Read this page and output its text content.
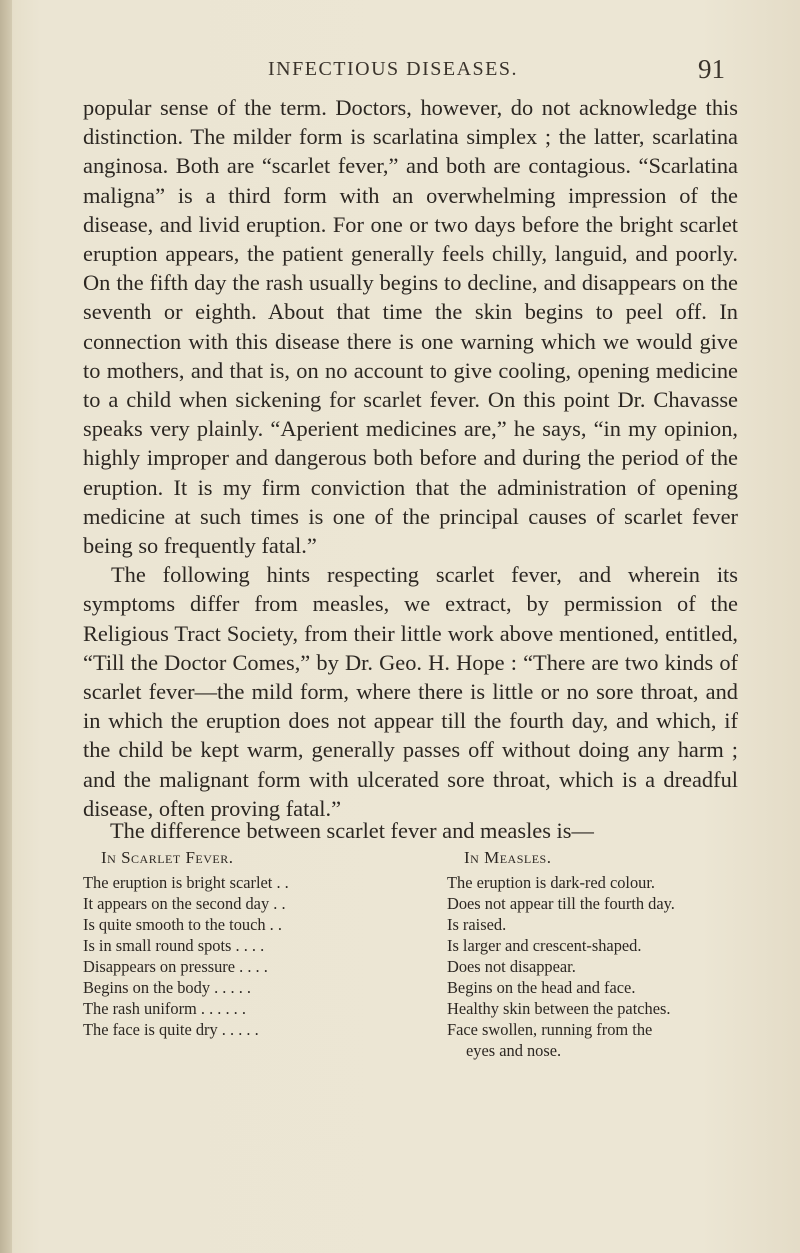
INFECTIOUS DISEASES.	91

popular sense of the term. Doctors, however, do not acknowledge this distinction. The milder form is scarlatina simplex ; the latter, scarlatina anginosa. Both are “scarlet fever,” and both are contagious. “Scarlatina maligna” is a third form with an overwhelming impression of the disease, and livid eruption. For one or two days before the bright scarlet eruption appears, the patient generally feels chilly, languid, and poorly. On the fifth day the rash usually begins to decline, and disappears on the seventh or eighth. About that time the skin begins to peel off. In connection with this disease there is one warning which we would give to mothers, and that is, on no account to give cooling, opening medicine to a child when sickening for scarlet fever. On this point Dr. Chavasse speaks very plainly. “Aperient medicines are,” he says, “in my opinion, highly improper and dangerous both before and during the period of the eruption. It is my firm conviction that the administration of opening medicine at such times is one of the principal causes of scarlet fever being so frequently fatal.”

The following hints respecting scarlet fever, and wherein its symptoms differ from measles, we extract, by permission of the Religious Tract Society, from their little work above mentioned, entitled, “Till the Doctor Comes,” by Dr. Geo. H. Hope : “There are two kinds of scarlet fever—the mild form, where there is little or no sore throat, and in which the eruption does not appear till the fourth day, and which, if the child be kept warm, generally passes off without doing any harm ; and the malignant form with ulcerated sore throat, which is a dreadful disease, often proving fatal.”

The difference between scarlet fever and measles is—
In Scarlet Fever.	In Measles.
The eruption is bright scarlet . .	The eruption is dark-red colour.
It appears on the second day . .	Does not appear till the fourth day.
Is quite smooth to the touch . .	Is raised.
Is in small round spots . . . .	Is larger and crescent-shaped.
Disappears on pressure . . . .	Does not disappear.
Begins on the body . . . . .	Begins on the head and face.
The rash uniform . . . . . .	Healthy skin between the patches.
The face is quite dry . . . . .	Face swollen, running from the
eyes and nose.
